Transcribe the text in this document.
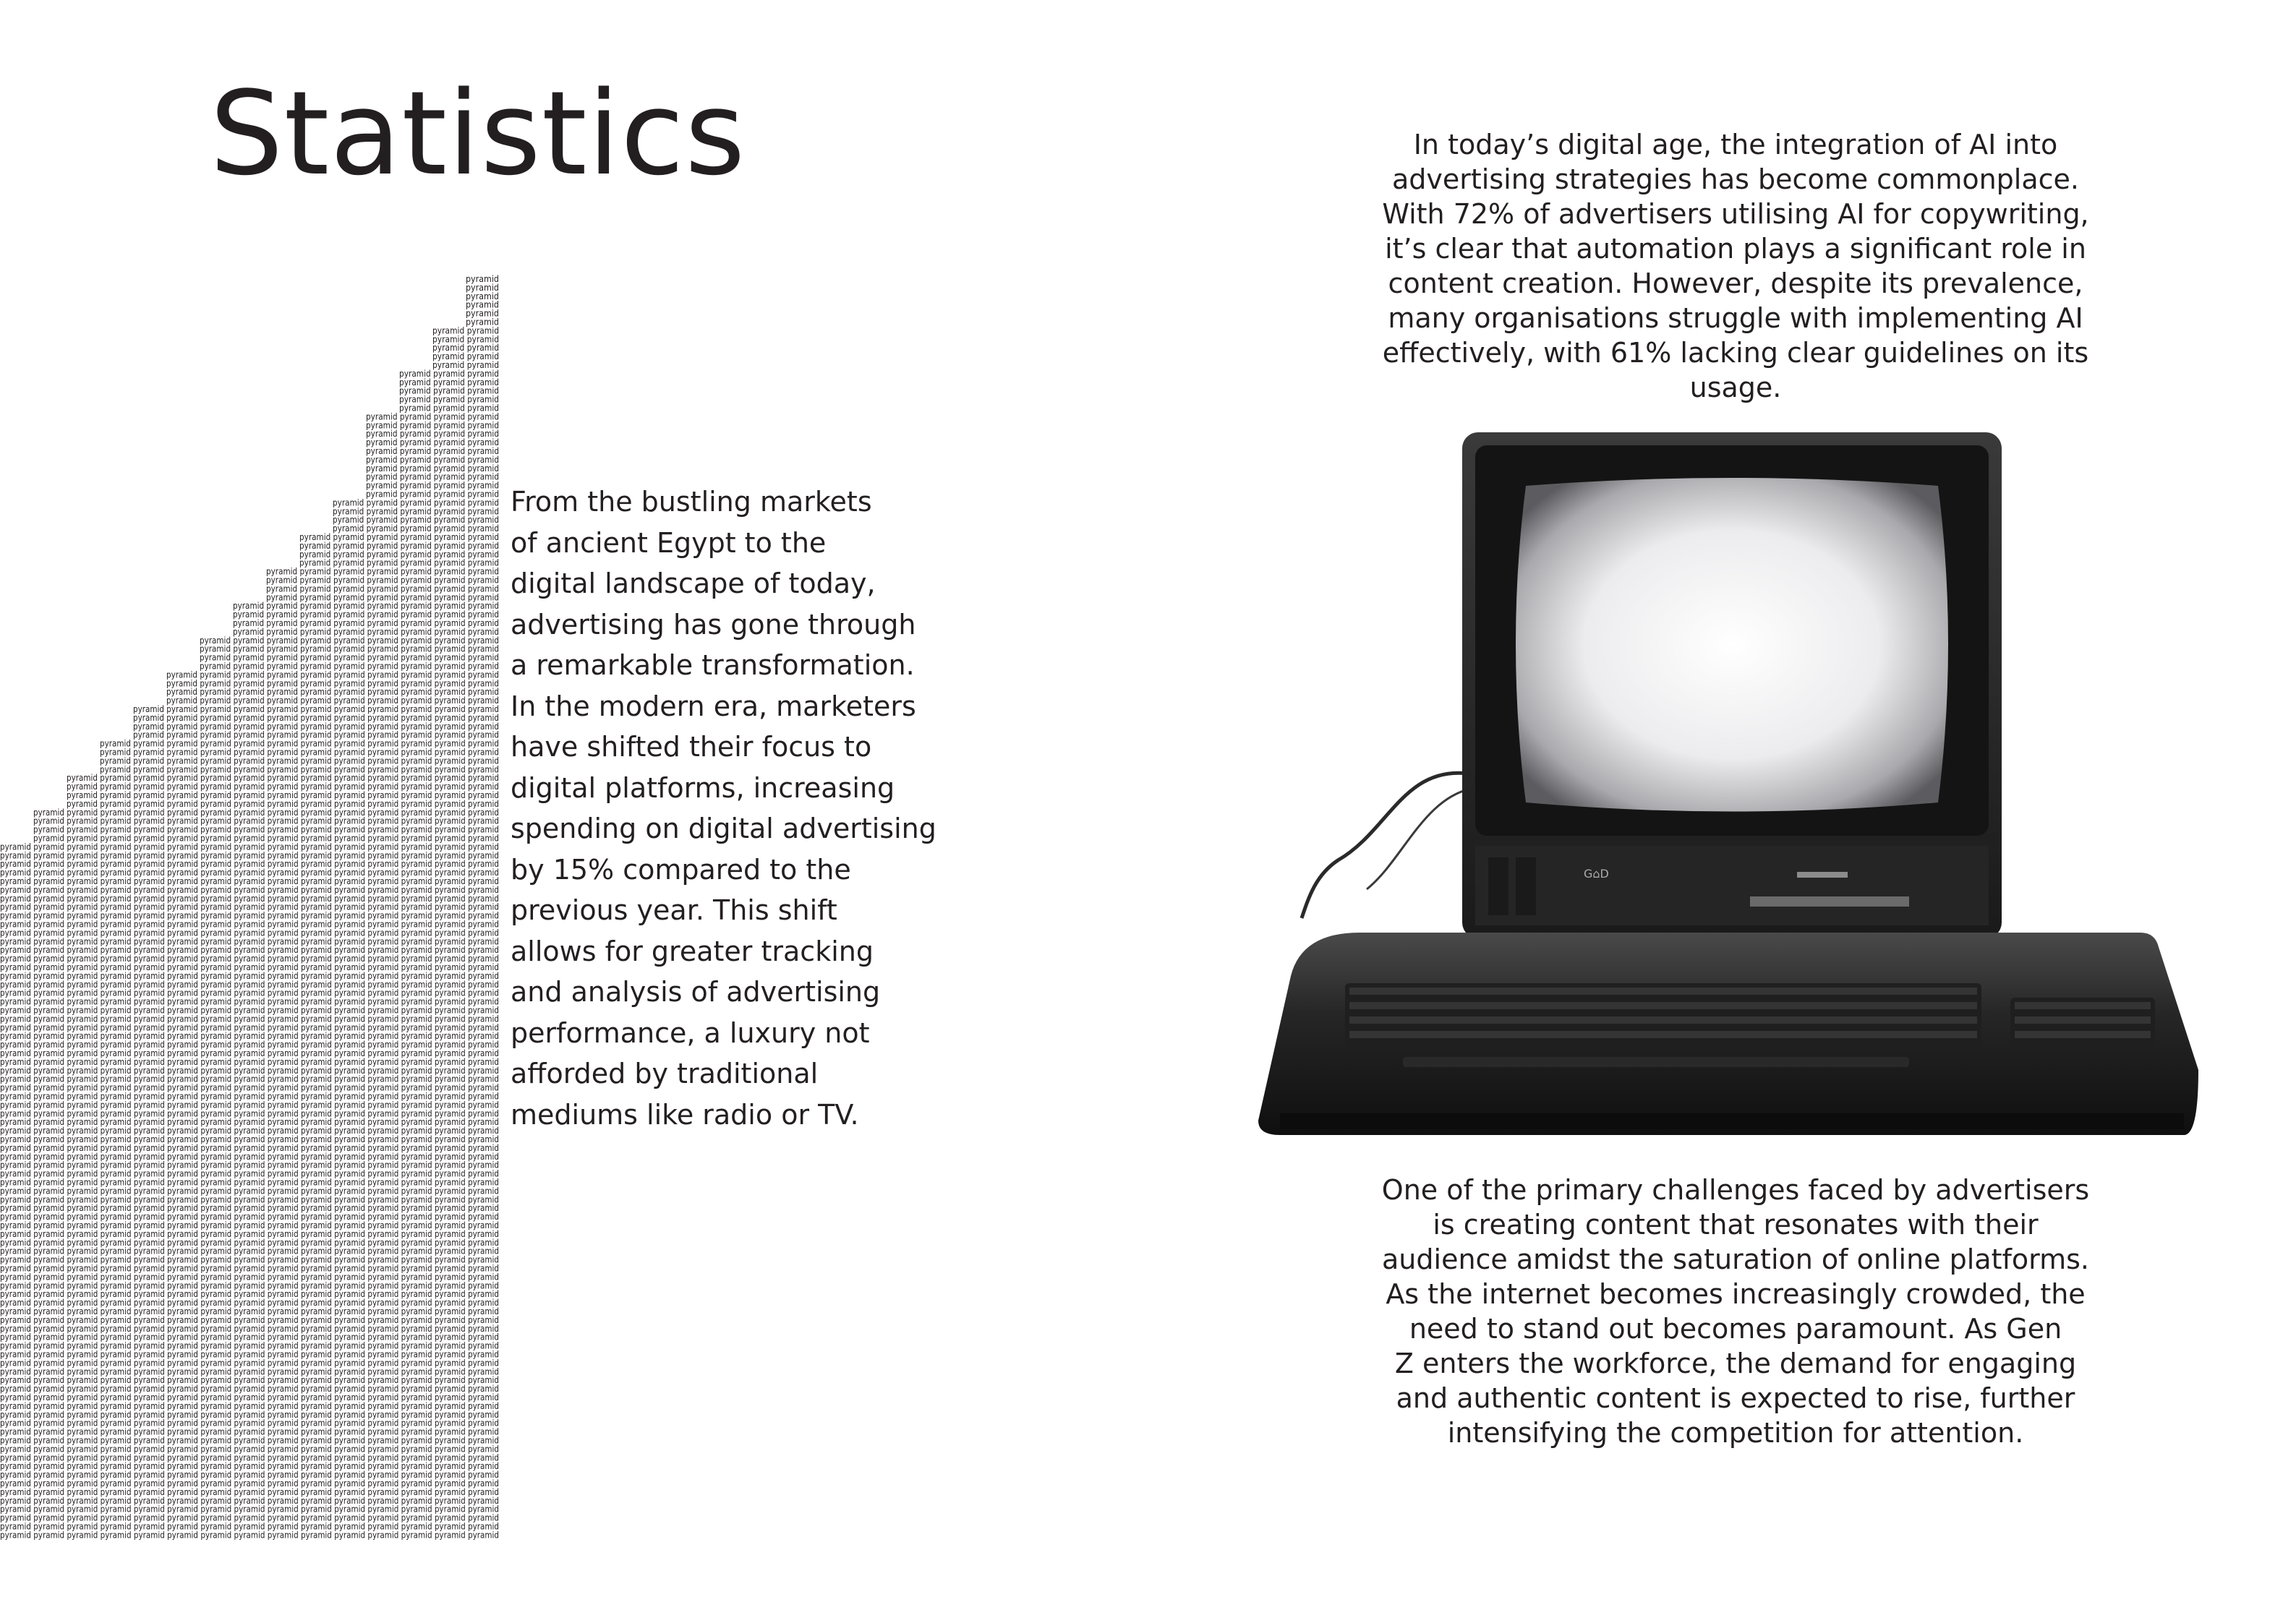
Statistics
pyramid
pyramid
pyramid
pyramid
pyramid
pyramid
pyramid pyramid
pyramid pyramid
pyramid pyramid
pyramid pyramid
pyramid pyramid
pyramid pyramid pyramid
pyramid pyramid pyramid
pyramid pyramid pyramid
pyramid pyramid pyramid
pyramid pyramid pyramid
pyramid pyramid pyramid pyramid
pyramid pyramid pyramid pyramid
pyramid pyramid pyramid pyramid
pyramid pyramid pyramid pyramid
pyramid pyramid pyramid pyramid
pyramid pyramid pyramid pyramid
pyramid pyramid pyramid pyramid
pyramid pyramid pyramid pyramid
pyramid pyramid pyramid pyramid
pyramid pyramid pyramid pyramid
pyramid pyramid pyramid pyramid pyramid
pyramid pyramid pyramid pyramid pyramid
pyramid pyramid pyramid pyramid pyramid
pyramid pyramid pyramid pyramid pyramid
pyramid pyramid pyramid pyramid pyramid pyramid
pyramid pyramid pyramid pyramid pyramid pyramid
pyramid pyramid pyramid pyramid pyramid pyramid
pyramid pyramid pyramid pyramid pyramid pyramid
pyramid pyramid pyramid pyramid pyramid pyramid pyramid
pyramid pyramid pyramid pyramid pyramid pyramid pyramid
pyramid pyramid pyramid pyramid pyramid pyramid pyramid
pyramid pyramid pyramid pyramid pyramid pyramid pyramid
pyramid pyramid pyramid pyramid pyramid pyramid pyramid pyramid
pyramid pyramid pyramid pyramid pyramid pyramid pyramid pyramid
pyramid pyramid pyramid pyramid pyramid pyramid pyramid pyramid
pyramid pyramid pyramid pyramid pyramid pyramid pyramid pyramid
pyramid pyramid pyramid pyramid pyramid pyramid pyramid pyramid pyramid
pyramid pyramid pyramid pyramid pyramid pyramid pyramid pyramid pyramid
pyramid pyramid pyramid pyramid pyramid pyramid pyramid pyramid pyramid
pyramid pyramid pyramid pyramid pyramid pyramid pyramid pyramid pyramid
pyramid pyramid pyramid pyramid pyramid pyramid pyramid pyramid pyramid pyramid
pyramid pyramid pyramid pyramid pyramid pyramid pyramid pyramid pyramid pyramid
pyramid pyramid pyramid pyramid pyramid pyramid pyramid pyramid pyramid pyramid
pyramid pyramid pyramid pyramid pyramid pyramid pyramid pyramid pyramid pyramid
pyramid pyramid pyramid pyramid pyramid pyramid pyramid pyramid pyramid pyramid pyramid
pyramid pyramid pyramid pyramid pyramid pyramid pyramid pyramid pyramid pyramid pyramid
pyramid pyramid pyramid pyramid pyramid pyramid pyramid pyramid pyramid pyramid pyramid
pyramid pyramid pyramid pyramid pyramid pyramid pyramid pyramid pyramid pyramid pyramid
pyramid pyramid pyramid pyramid pyramid pyramid pyramid pyramid pyramid pyramid pyramid pyramid
pyramid pyramid pyramid pyramid pyramid pyramid pyramid pyramid pyramid pyramid pyramid pyramid
pyramid pyramid pyramid pyramid pyramid pyramid pyramid pyramid pyramid pyramid pyramid pyramid
pyramid pyramid pyramid pyramid pyramid pyramid pyramid pyramid pyramid pyramid pyramid pyramid
pyramid pyramid pyramid pyramid pyramid pyramid pyramid pyramid pyramid pyramid pyramid pyramid pyramid
pyramid pyramid pyramid pyramid pyramid pyramid pyramid pyramid pyramid pyramid pyramid pyramid pyramid
pyramid pyramid pyramid pyramid pyramid pyramid pyramid pyramid pyramid pyramid pyramid pyramid pyramid
pyramid pyramid pyramid pyramid pyramid pyramid pyramid pyramid pyramid pyramid pyramid pyramid pyramid
pyramid pyramid pyramid pyramid pyramid pyramid pyramid pyramid pyramid pyramid pyramid pyramid pyramid pyramid
pyramid pyramid pyramid pyramid pyramid pyramid pyramid pyramid pyramid pyramid pyramid pyramid pyramid pyramid
pyramid pyramid pyramid pyramid pyramid pyramid pyramid pyramid pyramid pyramid pyramid pyramid pyramid pyramid
pyramid pyramid pyramid pyramid pyramid pyramid pyramid pyramid pyramid pyramid pyramid pyramid pyramid pyramid
pyramid pyramid pyramid pyramid pyramid pyramid pyramid pyramid pyramid pyramid pyramid pyramid pyramid pyramid pyramid
pyramid pyramid pyramid pyramid pyramid pyramid pyramid pyramid pyramid pyramid pyramid pyramid pyramid pyramid pyramid
pyramid pyramid pyramid pyramid pyramid pyramid pyramid pyramid pyramid pyramid pyramid pyramid pyramid pyramid pyramid
pyramid pyramid pyramid pyramid pyramid pyramid pyramid pyramid pyramid pyramid pyramid pyramid pyramid pyramid pyramid
pyramid pyramid pyramid pyramid pyramid pyramid pyramid pyramid pyramid pyramid pyramid pyramid pyramid pyramid pyramid
pyramid pyramid pyramid pyramid pyramid pyramid pyramid pyramid pyramid pyramid pyramid pyramid pyramid pyramid pyramid
pyramid pyramid pyramid pyramid pyramid pyramid pyramid pyramid pyramid pyramid pyramid pyramid pyramid pyramid pyramid
pyramid pyramid pyramid pyramid pyramid pyramid pyramid pyramid pyramid pyramid pyramid pyramid pyramid pyramid pyramid
pyramid pyramid pyramid pyramid pyramid pyramid pyramid pyramid pyramid pyramid pyramid pyramid pyramid pyramid pyramid
pyramid pyramid pyramid pyramid pyramid pyramid pyramid pyramid pyramid pyramid pyramid pyramid pyramid pyramid pyramid
pyramid pyramid pyramid pyramid pyramid pyramid pyramid pyramid pyramid pyramid pyramid pyramid pyramid pyramid pyramid
pyramid pyramid pyramid pyramid pyramid pyramid pyramid pyramid pyramid pyramid pyramid pyramid pyramid pyramid pyramid
pyramid pyramid pyramid pyramid pyramid pyramid pyramid pyramid pyramid pyramid pyramid pyramid pyramid pyramid pyramid
pyramid pyramid pyramid pyramid pyramid pyramid pyramid pyramid pyramid pyramid pyramid pyramid pyramid pyramid pyramid
pyramid pyramid pyramid pyramid pyramid pyramid pyramid pyramid pyramid pyramid pyramid pyramid pyramid pyramid pyramid
pyramid pyramid pyramid pyramid pyramid pyramid pyramid pyramid pyramid pyramid pyramid pyramid pyramid pyramid pyramid
pyramid pyramid pyramid pyramid pyramid pyramid pyramid pyramid pyramid pyramid pyramid pyramid pyramid pyramid pyramid
pyramid pyramid pyramid pyramid pyramid pyramid pyramid pyramid pyramid pyramid pyramid pyramid pyramid pyramid pyramid
pyramid pyramid pyramid pyramid pyramid pyramid pyramid pyramid pyramid pyramid pyramid pyramid pyramid pyramid pyramid
pyramid pyramid pyramid pyramid pyramid pyramid pyramid pyramid pyramid pyramid pyramid pyramid pyramid pyramid pyramid
pyramid pyramid pyramid pyramid pyramid pyramid pyramid pyramid pyramid pyramid pyramid pyramid pyramid pyramid pyramid
pyramid pyramid pyramid pyramid pyramid pyramid pyramid pyramid pyramid pyramid pyramid pyramid pyramid pyramid pyramid
pyramid pyramid pyramid pyramid pyramid pyramid pyramid pyramid pyramid pyramid pyramid pyramid pyramid pyramid pyramid
pyramid pyramid pyramid pyramid pyramid pyramid pyramid pyramid pyramid pyramid pyramid pyramid pyramid pyramid pyramid
pyramid pyramid pyramid pyramid pyramid pyramid pyramid pyramid pyramid pyramid pyramid pyramid pyramid pyramid pyramid
pyramid pyramid pyramid pyramid pyramid pyramid pyramid pyramid pyramid pyramid pyramid pyramid pyramid pyramid pyramid
pyramid pyramid pyramid pyramid pyramid pyramid pyramid pyramid pyramid pyramid pyramid pyramid pyramid pyramid pyramid
pyramid pyramid pyramid pyramid pyramid pyramid pyramid pyramid pyramid pyramid pyramid pyramid pyramid pyramid pyramid
pyramid pyramid pyramid pyramid pyramid pyramid pyramid pyramid pyramid pyramid pyramid pyramid pyramid pyramid pyramid
pyramid pyramid pyramid pyramid pyramid pyramid pyramid pyramid pyramid pyramid pyramid pyramid pyramid pyramid pyramid
pyramid pyramid pyramid pyramid pyramid pyramid pyramid pyramid pyramid pyramid pyramid pyramid pyramid pyramid pyramid
pyramid pyramid pyramid pyramid pyramid pyramid pyramid pyramid pyramid pyramid pyramid pyramid pyramid pyramid pyramid
pyramid pyramid pyramid pyramid pyramid pyramid pyramid pyramid pyramid pyramid pyramid pyramid pyramid pyramid pyramid
pyramid pyramid pyramid pyramid pyramid pyramid pyramid pyramid pyramid pyramid pyramid pyramid pyramid pyramid pyramid
pyramid pyramid pyramid pyramid pyramid pyramid pyramid pyramid pyramid pyramid pyramid pyramid pyramid pyramid pyramid
pyramid pyramid pyramid pyramid pyramid pyramid pyramid pyramid pyramid pyramid pyramid pyramid pyramid pyramid pyramid
pyramid pyramid pyramid pyramid pyramid pyramid pyramid pyramid pyramid pyramid pyramid pyramid pyramid pyramid pyramid
pyramid pyramid pyramid pyramid pyramid pyramid pyramid pyramid pyramid pyramid pyramid pyramid pyramid pyramid pyramid
pyramid pyramid pyramid pyramid pyramid pyramid pyramid pyramid pyramid pyramid pyramid pyramid pyramid pyramid pyramid
pyramid pyramid pyramid pyramid pyramid pyramid pyramid pyramid pyramid pyramid pyramid pyramid pyramid pyramid pyramid
pyramid pyramid pyramid pyramid pyramid pyramid pyramid pyramid pyramid pyramid pyramid pyramid pyramid pyramid pyramid
pyramid pyramid pyramid pyramid pyramid pyramid pyramid pyramid pyramid pyramid pyramid pyramid pyramid pyramid pyramid
pyramid pyramid pyramid pyramid pyramid pyramid pyramid pyramid pyramid pyramid pyramid pyramid pyramid pyramid pyramid
pyramid pyramid pyramid pyramid pyramid pyramid pyramid pyramid pyramid pyramid pyramid pyramid pyramid pyramid pyramid
pyramid pyramid pyramid pyramid pyramid pyramid pyramid pyramid pyramid pyramid pyramid pyramid pyramid pyramid pyramid
pyramid pyramid pyramid pyramid pyramid pyramid pyramid pyramid pyramid pyramid pyramid pyramid pyramid pyramid pyramid
pyramid pyramid pyramid pyramid pyramid pyramid pyramid pyramid pyramid pyramid pyramid pyramid pyramid pyramid pyramid
pyramid pyramid pyramid pyramid pyramid pyramid pyramid pyramid pyramid pyramid pyramid pyramid pyramid pyramid pyramid
pyramid pyramid pyramid pyramid pyramid pyramid pyramid pyramid pyramid pyramid pyramid pyramid pyramid pyramid pyramid
pyramid pyramid pyramid pyramid pyramid pyramid pyramid pyramid pyramid pyramid pyramid pyramid pyramid pyramid pyramid
pyramid pyramid pyramid pyramid pyramid pyramid pyramid pyramid pyramid pyramid pyramid pyramid pyramid pyramid pyramid
pyramid pyramid pyramid pyramid pyramid pyramid pyramid pyramid pyramid pyramid pyramid pyramid pyramid pyramid pyramid
pyramid pyramid pyramid pyramid pyramid pyramid pyramid pyramid pyramid pyramid pyramid pyramid pyramid pyramid pyramid
pyramid pyramid pyramid pyramid pyramid pyramid pyramid pyramid pyramid pyramid pyramid pyramid pyramid pyramid pyramid
pyramid pyramid pyramid pyramid pyramid pyramid pyramid pyramid pyramid pyramid pyramid pyramid pyramid pyramid pyramid
pyramid pyramid pyramid pyramid pyramid pyramid pyramid pyramid pyramid pyramid pyramid pyramid pyramid pyramid pyramid
pyramid pyramid pyramid pyramid pyramid pyramid pyramid pyramid pyramid pyramid pyramid pyramid pyramid pyramid pyramid
pyramid pyramid pyramid pyramid pyramid pyramid pyramid pyramid pyramid pyramid pyramid pyramid pyramid pyramid pyramid
pyramid pyramid pyramid pyramid pyramid pyramid pyramid pyramid pyramid pyramid pyramid pyramid pyramid pyramid pyramid
pyramid pyramid pyramid pyramid pyramid pyramid pyramid pyramid pyramid pyramid pyramid pyramid pyramid pyramid pyramid
pyramid pyramid pyramid pyramid pyramid pyramid pyramid pyramid pyramid pyramid pyramid pyramid pyramid pyramid pyramid
pyramid pyramid pyramid pyramid pyramid pyramid pyramid pyramid pyramid pyramid pyramid pyramid pyramid pyramid pyramid
pyramid pyramid pyramid pyramid pyramid pyramid pyramid pyramid pyramid pyramid pyramid pyramid pyramid pyramid pyramid
pyramid pyramid pyramid pyramid pyramid pyramid pyramid pyramid pyramid pyramid pyramid pyramid pyramid pyramid pyramid
pyramid pyramid pyramid pyramid pyramid pyramid pyramid pyramid pyramid pyramid pyramid pyramid pyramid pyramid pyramid
pyramid pyramid pyramid pyramid pyramid pyramid pyramid pyramid pyramid pyramid pyramid pyramid pyramid pyramid pyramid
pyramid pyramid pyramid pyramid pyramid pyramid pyramid pyramid pyramid pyramid pyramid pyramid pyramid pyramid pyramid
pyramid pyramid pyramid pyramid pyramid pyramid pyramid pyramid pyramid pyramid pyramid pyramid pyramid pyramid pyramid
pyramid pyramid pyramid pyramid pyramid pyramid pyramid pyramid pyramid pyramid pyramid pyramid pyramid pyramid pyramid
pyramid pyramid pyramid pyramid pyramid pyramid pyramid pyramid pyramid pyramid pyramid pyramid pyramid pyramid pyramid
pyramid pyramid pyramid pyramid pyramid pyramid pyramid pyramid pyramid pyramid pyramid pyramid pyramid pyramid pyramid
pyramid pyramid pyramid pyramid pyramid pyramid pyramid pyramid pyramid pyramid pyramid pyramid pyramid pyramid pyramid
pyramid pyramid pyramid pyramid pyramid pyramid pyramid pyramid pyramid pyramid pyramid pyramid pyramid pyramid pyramid
pyramid pyramid pyramid pyramid pyramid pyramid pyramid pyramid pyramid pyramid pyramid pyramid pyramid pyramid pyramid
pyramid pyramid pyramid pyramid pyramid pyramid pyramid pyramid pyramid pyramid pyramid pyramid pyramid pyramid pyramid
pyramid pyramid pyramid pyramid pyramid pyramid pyramid pyramid pyramid pyramid pyramid pyramid pyramid pyramid pyramid
pyramid pyramid pyramid pyramid pyramid pyramid pyramid pyramid pyramid pyramid pyramid pyramid pyramid pyramid pyramid
pyramid pyramid pyramid pyramid pyramid pyramid pyramid pyramid pyramid pyramid pyramid pyramid pyramid pyramid pyramid
pyramid pyramid pyramid pyramid pyramid pyramid pyramid pyramid pyramid pyramid pyramid pyramid pyramid pyramid pyramid
pyramid pyramid pyramid pyramid pyramid pyramid pyramid pyramid pyramid pyramid pyramid pyramid pyramid pyramid pyramid
pyramid pyramid pyramid pyramid pyramid pyramid pyramid pyramid pyramid pyramid pyramid pyramid pyramid pyramid pyramid

From the bustling markets
of ancient Egypt to the
digital landscape of today,
advertising has gone through
a remarkable transformation.
In the modern era, marketers
have shifted their focus to
digital platforms, increasing
spending on digital advertising
by 15% compared to the
previous year. This shift
allows for greater tracking
and analysis of advertising
performance, a luxury not
afforded by traditional
mediums like radio or TV.

In today’s digital age, the integration of AI into
advertising strategies has become commonplace.
With 72% of advertisers utilising AI for copywriting,
it’s clear that automation plays a significant role in
content creation. However, despite its prevalence,
many organisations struggle with implementing AI
effectively, with 61% lacking clear guidelines on its
usage.

G⌂D

One of the primary challenges faced by advertisers
is creating content that resonates with their
audience amidst the saturation of online platforms.
As the internet becomes increasingly crowded, the
need to stand out becomes paramount. As Gen
Z enters the workforce, the demand for engaging
and authentic content is expected to rise, further
intensifying the competition for attention.
